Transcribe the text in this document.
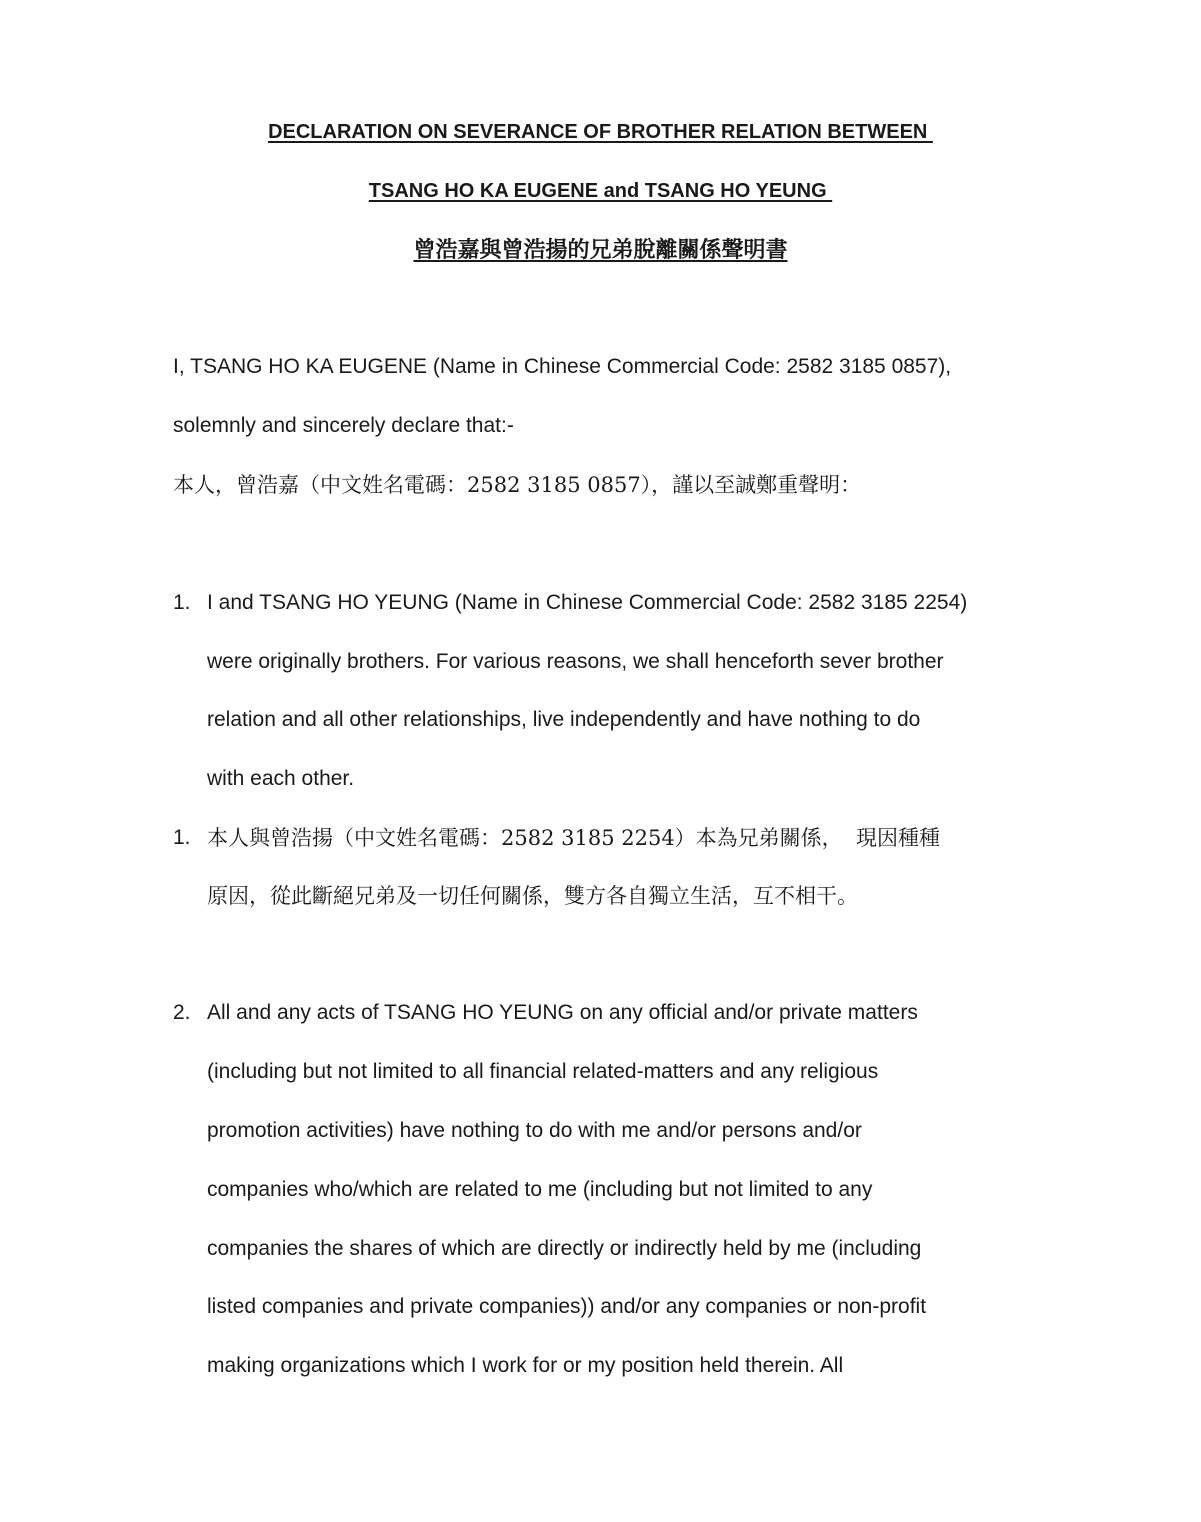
DECLARATION ON SEVERANCE OF BROTHER RELATION BETWEEN
TSANG HO KA EUGENE and TSANG HO YEUNG
曾浩嘉與曾浩揚的兄弟脫離關係聲明書
I, TSANG HO KA EUGENE (Name in Chinese Commercial Code: 2582 3185 0857),
solemnly and sincerely declare that:-
本人，曾浩嘉（中文姓名電碼：2582 3185 0857），謹以至誠鄭重聲明：
1. I and TSANG HO YEUNG (Name in Chinese Commercial Code: 2582 3185 2254)
were originally brothers. For various reasons, we shall henceforth sever brother
relation and all other relationships, live independently and have nothing to do
with each other.
1. 本人與曾浩揚（中文姓名電碼：2582 3185 2254）本為兄弟關係，  現因種種
原因，從此斷絕兄弟及一切任何關係，雙方各自獨立生活，互不相干。
2. All and any acts of TSANG HO YEUNG on any official and/or private matters
(including but not limited to all financial related-matters and any religious
promotion activities) have nothing to do with me and/or persons and/or
companies who/which are related to me (including but not limited to any
companies the shares of which are directly or indirectly held by me (including
listed companies and private companies)) and/or any companies or non-profit
making organizations which I work for or my position held therein. All
